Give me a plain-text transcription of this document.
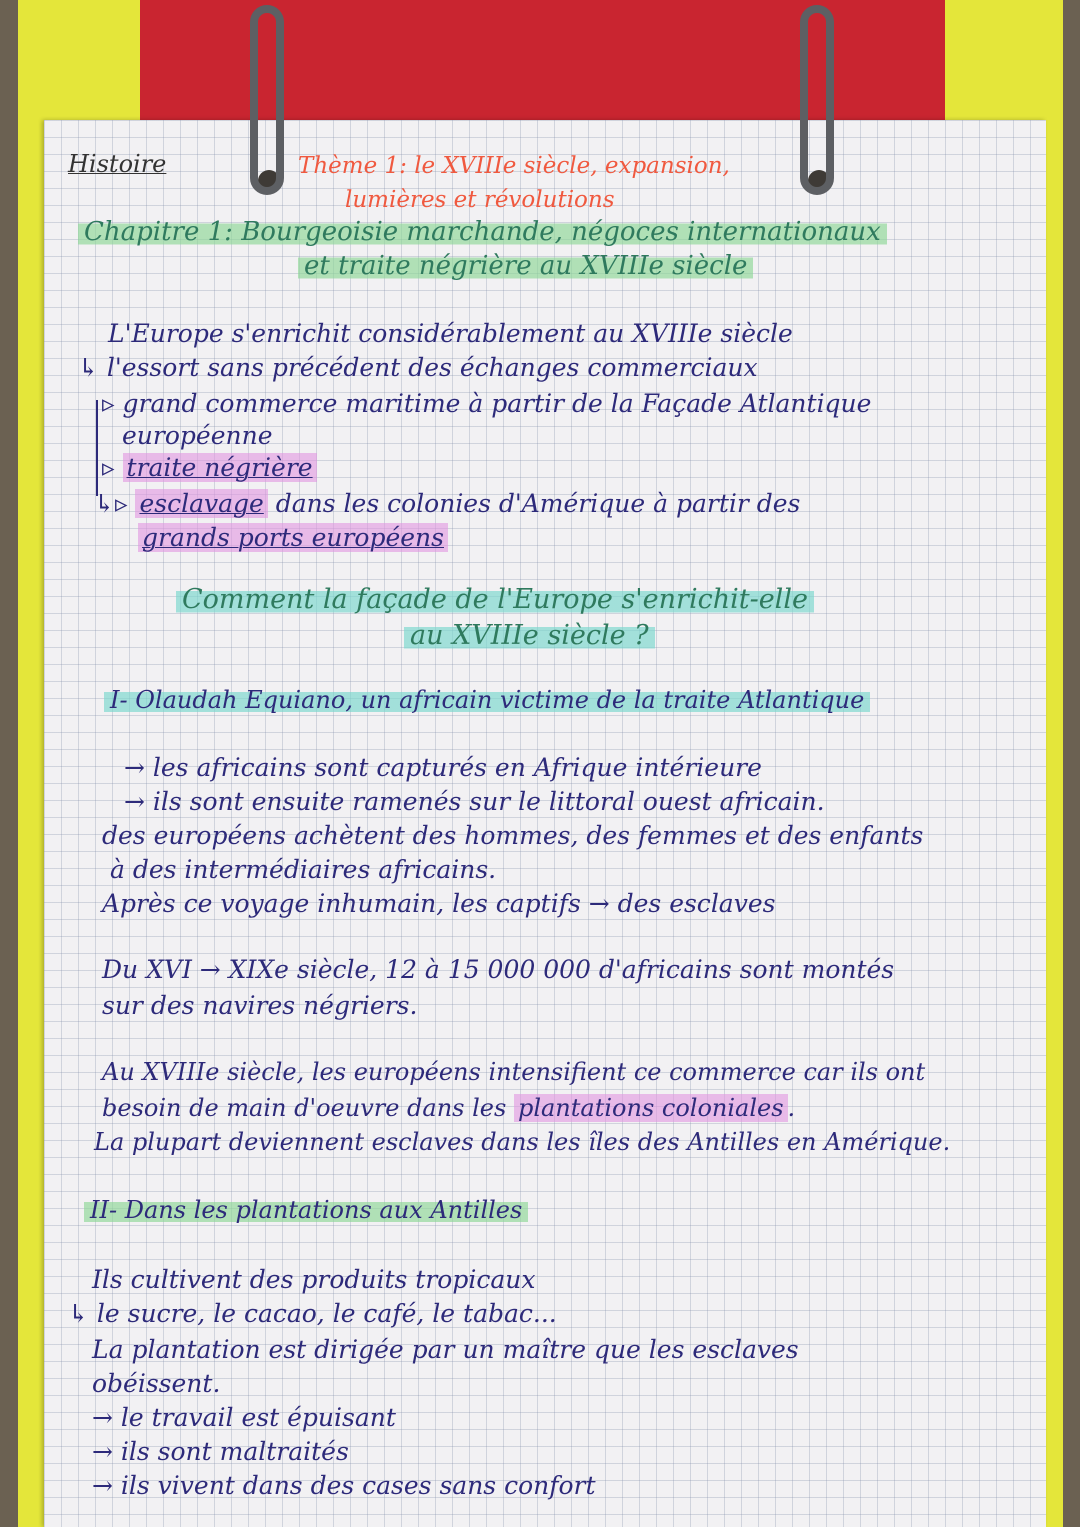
Histoire	Thème 1: le XVIIIe siècle, expansion,

lumières et révolutions

Chapitre 1: Bourgeoisie marchande, négoces internationaux

et traite négrière au XVIIIe siècle

L'Europe s'enrichit considérablement au XVIIIe siècle

↳ l'essort sans précédent des échanges commerciaux

▹ grand commerce maritime à partir de la Façade Atlantique

européenne

▹ traite négrière

↳▹ esclavage dans les colonies d'Amérique à partir des

grands ports européens

Comment la façade de l'Europe s'enrichit-elle

au XVIIIe siècle ?

I- Olaudah Equiano, un africain victime de la traite Atlantique

→ les africains sont capturés en Afrique intérieure

→ ils sont ensuite ramenés sur le littoral ouest africain.

des européens achètent des hommes, des femmes et des enfants

à des intermédiaires africains.

Après ce voyage inhumain, les captifs → des esclaves

Du XVI → XIXe siècle, 12 à 15 000 000 d'africains sont montés

sur des navires négriers.

Au XVIIIe siècle, les européens intensifient ce commerce car ils ont

besoin de main d'oeuvre dans les plantations coloniales .

La plupart deviennent esclaves dans les îles des Antilles en Amérique.

II- Dans les plantations aux Antilles

Ils cultivent des produits tropicaux

↳ le sucre, le cacao, le café, le tabac...

La plantation est dirigée par un maître que les esclaves

obéissent.

→ le travail est épuisant

→ ils sont maltraités

→ ils vivent dans des cases sans confort
